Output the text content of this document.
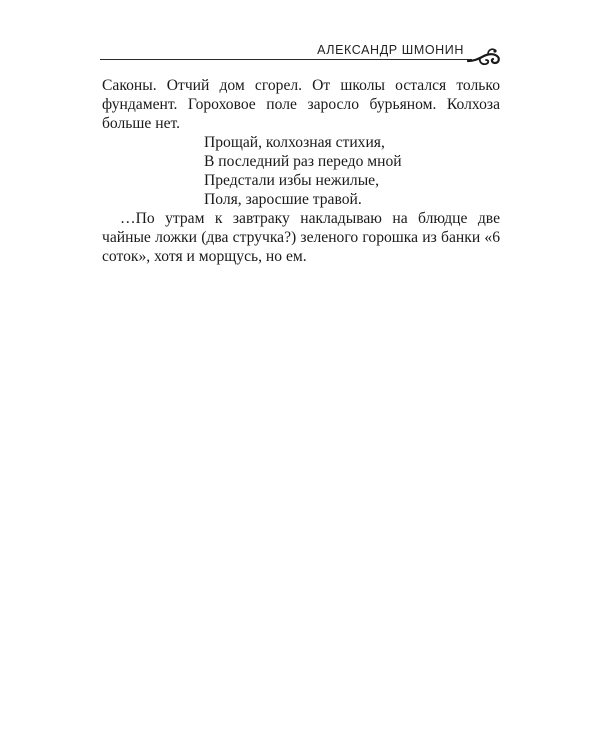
АЛЕКСАНДР ШМОНИН

Саконы. Отчий дом сгорел. От школы остался только фундамент. Гороховое поле заросло бурьяном. Колхоза больше нет.

Прощай, колхозная стихия,
В последний раз передо мной
Предстали избы нежилые,
Поля, заросшие травой.

…По утрам к завтраку накладываю на блюдце две чайные ложки (два стручка?) зеленого горошка из банки «6 соток», хотя и морщусь, но ем.
